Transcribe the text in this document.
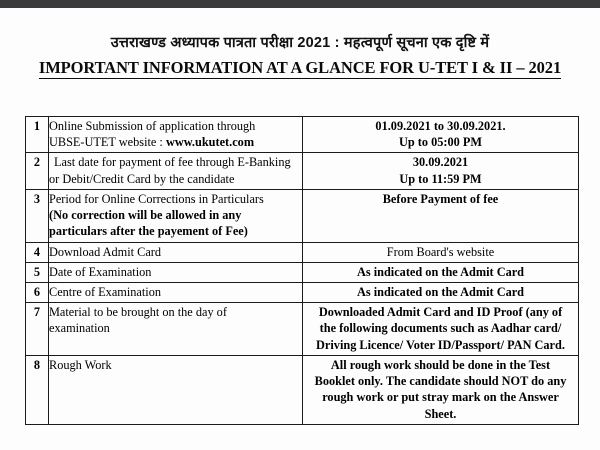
उत्तराखण्ड अध्यापक पात्रता परीक्षा 2021 : महत्वपूर्ण सूचना एक दृष्टि में
IMPORTANT INFORMATION AT A GLANCE FOR U-TET I & II – 2021
1	Online Submission of application through
UBSE-UTET website : www.ukutet.com	01.09.2021 to 30.09.2021.
Up to 05:00 PM

2	Last date for payment of fee through E-Banking
or Debit/Credit Card by the candidate	30.09.2021
Up to 11:59 PM

3	Period for Online Corrections in Particulars
(No correction will be allowed in any
particulars after the payement of Fee)	Before Payment of fee

4	Download Admit Card	From Board's website

5	Date of Examination	As indicated on the Admit Card

6	Centre of Examination	As indicated on the Admit Card

7	Material to be brought on the day of
examination	Downloaded Admit Card and ID Proof (any of
the following documents such as Aadhar card/
Driving Licence/ Voter ID/Passport/ PAN Card.

8	Rough Work	All rough work should be done in the Test
Booklet only. The candidate should NOT do any
rough work or put stray mark on the Answer
Sheet.
